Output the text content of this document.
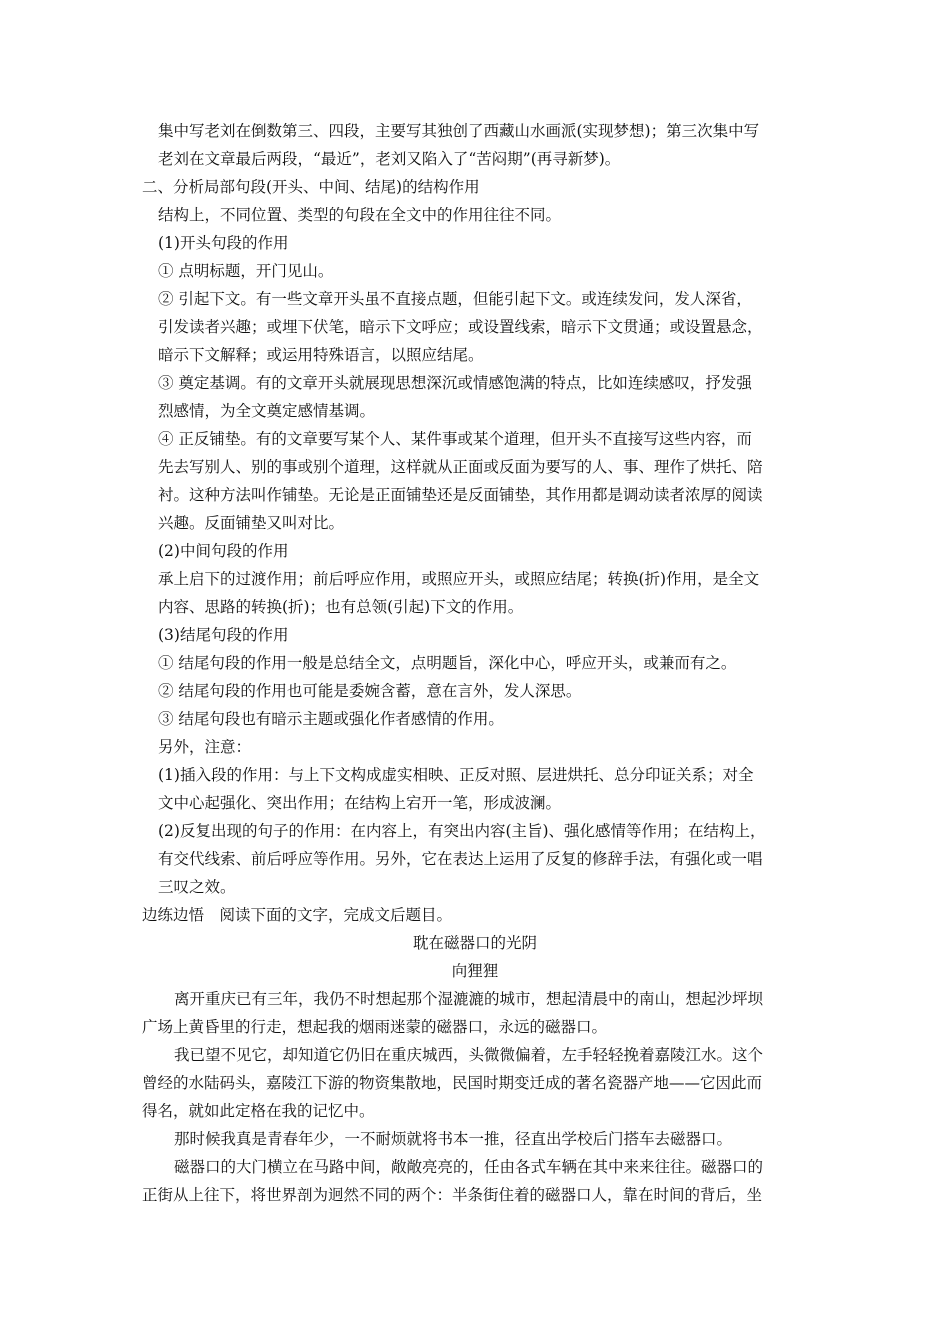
集中写老刘在倒数第三、四段，主要写其独创了西藏山水画派(实现梦想)；第三次集中写
老刘在文章最后两段，“最近”，老刘又陷入了“苦闷期”(再寻新梦)。
二、分析局部句段(开头、中间、结尾)的结构作用
结构上，不同位置、类型的句段在全文中的作用往往不同。
(1)开头句段的作用
① 点明标题，开门见山。
② 引起下文。有一些文章开头虽不直接点题，但能引起下文。或连续发问，发人深省，
引发读者兴趣；或埋下伏笔，暗示下文呼应；或设置线索，暗示下文贯通；或设置悬念，
暗示下文解释；或运用特殊语言，以照应结尾。
③ 奠定基调。有的文章开头就展现思想深沉或情感饱满的特点，比如连续感叹，抒发强
烈感情，为全文奠定感情基调。
④ 正反铺垫。有的文章要写某个人、某件事或某个道理，但开头不直接写这些内容，而
先去写别人、别的事或别个道理，这样就从正面或反面为要写的人、事、理作了烘托、陪
衬。这种方法叫作铺垫。无论是正面铺垫还是反面铺垫，其作用都是调动读者浓厚的阅读
兴趣。反面铺垫又叫对比。
(2)中间句段的作用
承上启下的过渡作用；前后呼应作用，或照应开头，或照应结尾；转换(折)作用，是全文
内容、思路的转换(折)；也有总领(引起)下文的作用。
(3)结尾句段的作用
① 结尾句段的作用一般是总结全文，点明题旨，深化中心，呼应开头，或兼而有之。
② 结尾句段的作用也可能是委婉含蓄，意在言外，发人深思。
③ 结尾句段也有暗示主题或强化作者感情的作用。
另外，注意：
(1)插入段的作用：与上下文构成虚实相映、正反对照、层进烘托、总分印证关系；对全
文中心起强化、突出作用；在结构上宕开一笔，形成波澜。
(2)反复出现的句子的作用：在内容上，有突出内容(主旨)、强化感情等作用；在结构上，
有交代线索、前后呼应等作用。另外，它在表达上运用了反复的修辞手法，有强化或一唱
三叹之效。
边练边悟　阅读下面的文字，完成文后题目。
耽在磁器口的光阴
向狸狸
离开重庆已有三年，我仍不时想起那个湿漉漉的城市，想起清晨中的南山，想起沙坪坝
广场上黄昏里的行走，想起我的烟雨迷蒙的磁器口，永远的磁器口。
我已望不见它，却知道它仍旧在重庆城西，头微微偏着，左手轻轻挽着嘉陵江水。这个
曾经的水陆码头，嘉陵江下游的物资集散地，民国时期变迁成的著名瓷器产地——它因此而
得名，就如此定格在我的记忆中。
那时候我真是青春年少，一不耐烦就将书本一推，径直出学校后门搭车去磁器口。
磁器口的大门横立在马路中间，敞敞亮亮的，任由各式车辆在其中来来往往。磁器口的
正街从上往下，将世界剖为迥然不同的两个：半条街住着的磁器口人，靠在时间的背后，坐
